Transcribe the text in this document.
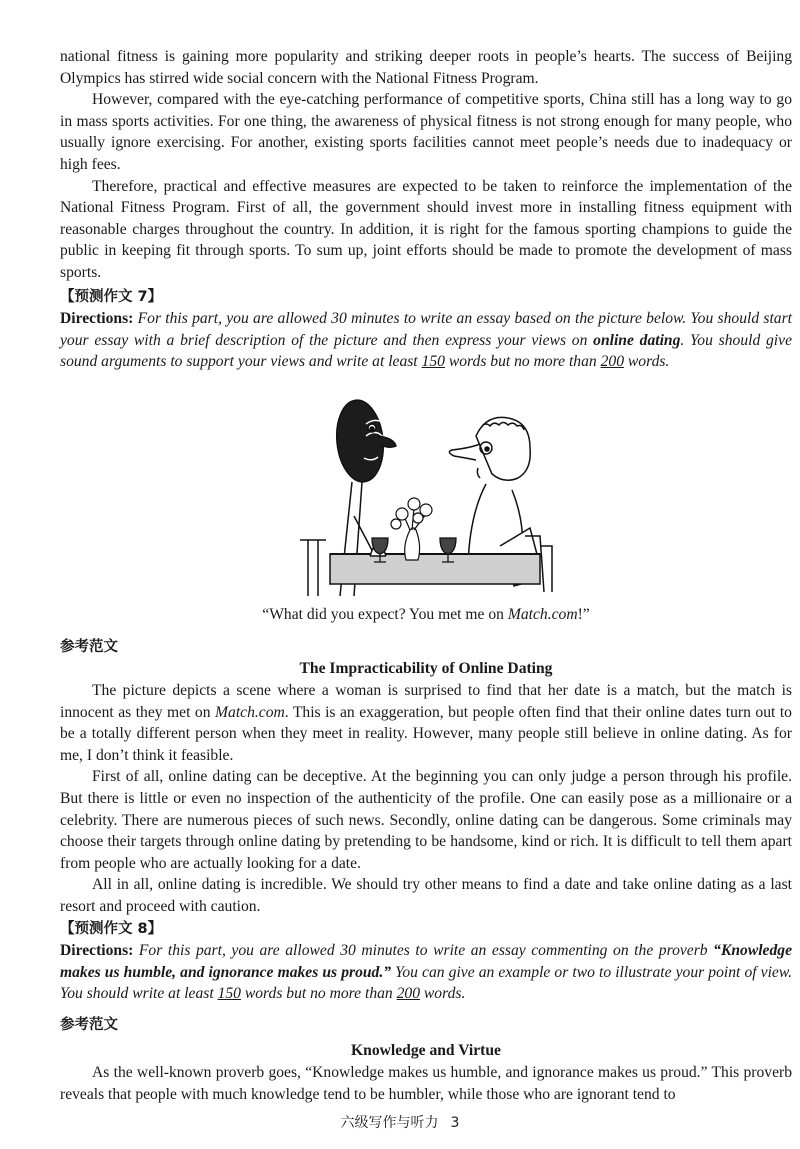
national fitness is gaining more popularity and striking deeper roots in people’s hearts. The success of Beijing Olympics has stirred wide social concern with the National Fitness Program.

However, compared with the eye-catching performance of competitive sports, China still has a long way to go in mass sports activities. For one thing, the awareness of physical fitness is not strong enough for many people, who usually ignore exercising. For another, existing sports facilities cannot meet people’s needs due to inadequacy or high fees.

Therefore, practical and effective measures are expected to be taken to reinforce the implementation of the National Fitness Program. First of all, the government should invest more in installing fitness equipment with reasonable charges throughout the country. In addition, it is right for the famous sporting champions to guide the public in keeping fit through sports. To sum up, joint efforts should be made to promote the development of mass sports.

【预测作文 7】

Directions: For this part, you are allowed 30 minutes to write an essay based on the picture below. You should start your essay with a brief description of the picture and then express your views on online dating. You should give sound arguments to support your views and write at least 150 words but no more than 200 words.

“What did you expect? You met me on Match.com!”

参考范文
The Impracticability of Online Dating

The picture depicts a scene where a woman is surprised to find that her date is a match, but the match is innocent as they met on Match.com. This is an exaggeration, but people often find that their online dates turn out to be a totally different person when they meet in reality. However, many people still believe in online dating. As for me, I don’t think it feasible.

First of all, online dating can be deceptive. At the beginning you can only judge a person through his profile. But there is little or even no inspection of the authenticity of the profile. One can easily pose as a millionaire or a celebrity. There are numerous pieces of such news. Secondly, online dating can be dangerous. Some criminals may choose their targets through online dating by pretending to be handsome, kind or rich. It is difficult to tell them apart from people who are actually looking for a date.

All in all, online dating is incredible. We should try other means to find a date and take online dating as a last resort and proceed with caution.

【预测作文 8】

Directions: For this part, you are allowed 30 minutes to write an essay commenting on the proverb “Knowledge makes us humble, and ignorance makes us proud.” You can give an example or two to illustrate your point of view. You should write at least 150 words but no more than 200 words.

参考范文
Knowledge and Virtue

As the well-known proverb goes, “Knowledge makes us humble, and ignorance makes us proud.” This proverb reveals that people with much knowledge tend to be humbler, while those who are ignorant tend to

六级写作与听力 3
